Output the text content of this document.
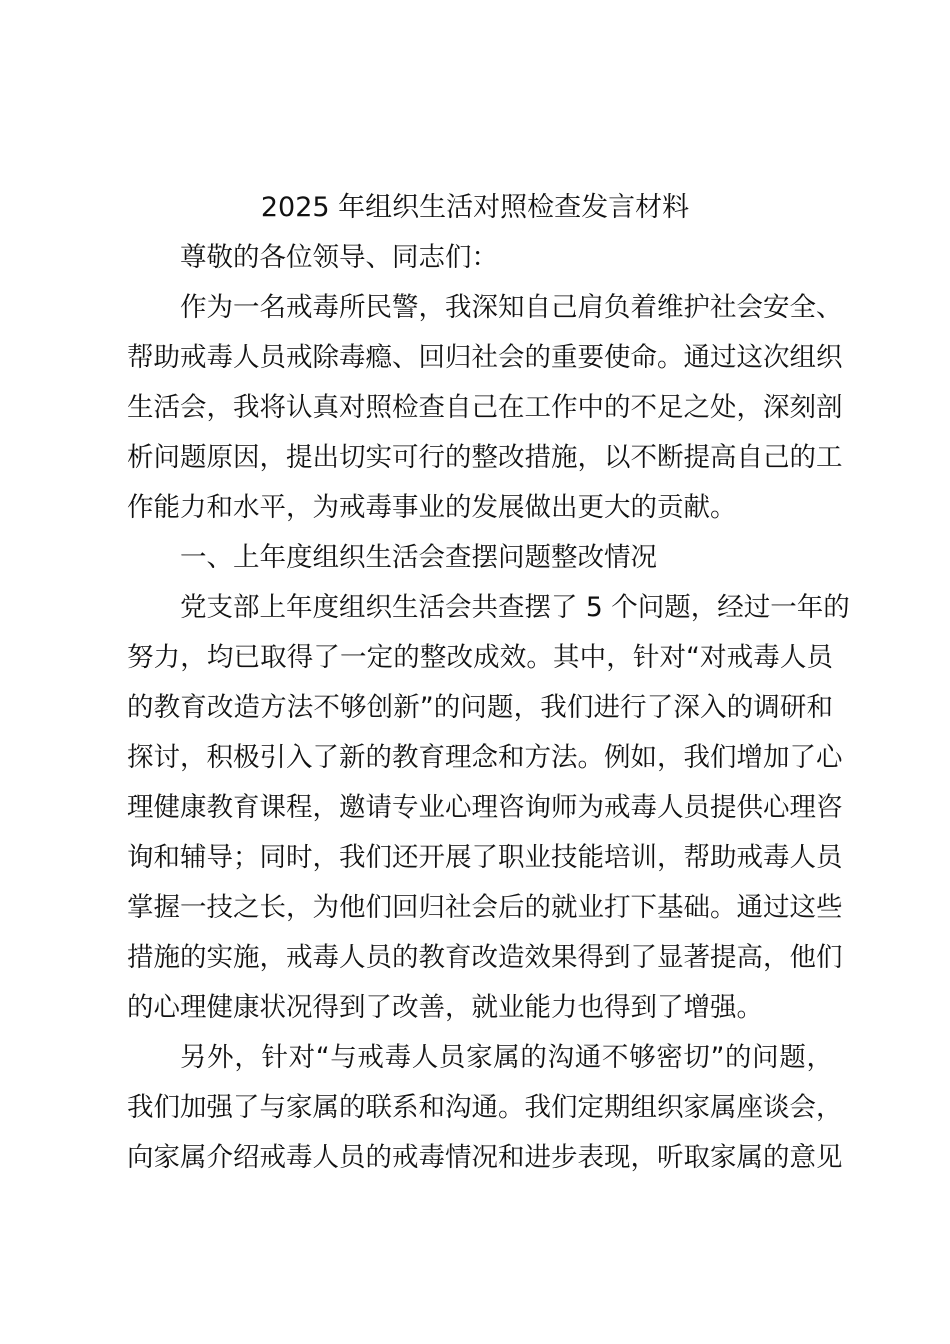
2025 年组织生活对照检查发言材料

尊敬的各位领导、同志们：

作为一名戒毒所民警，我深知自己肩负着维护社会安全、

帮助戒毒人员戒除毒瘾、回归社会的重要使命。通过这次组织

生活会，我将认真对照检查自己在工作中的不足之处，深刻剖

析问题原因，提出切实可行的整改措施，以不断提高自己的工

作能力和水平，为戒毒事业的发展做出更大的贡献。

一、上年度组织生活会查摆问题整改情况

党支部上年度组织生活会共查摆了 5 个问题，经过一年的

努力，均已取得了一定的整改成效。其中，针对“对戒毒人员

的教育改造方法不够创新”的问题，我们进行了深入的调研和

探讨，积极引入了新的教育理念和方法。例如，我们增加了心

理健康教育课程，邀请专业心理咨询师为戒毒人员提供心理咨

询和辅导；同时，我们还开展了职业技能培训，帮助戒毒人员

掌握一技之长，为他们回归社会后的就业打下基础。通过这些

措施的实施，戒毒人员的教育改造效果得到了显著提高，他们

的心理健康状况得到了改善，就业能力也得到了增强。

另外，针对“与戒毒人员家属的沟通不够密切”的问题，

我们加强了与家属的联系和沟通。我们定期组织家属座谈会，

向家属介绍戒毒人员的戒毒情况和进步表现，听取家属的意见
